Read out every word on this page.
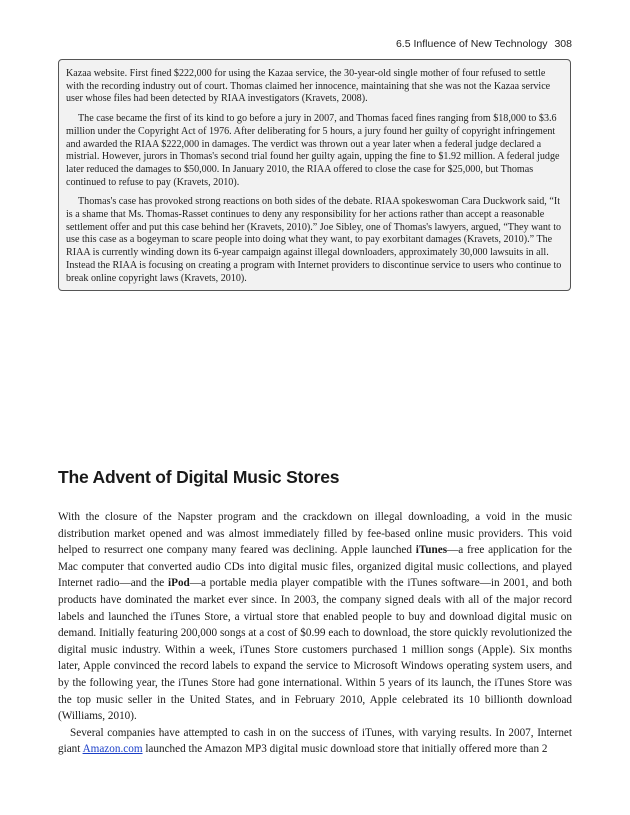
6.5 Influence of New Technology 308

Kazaa website. First fined $222,000 for using the Kazaa service, the 30-year-old single mother of four refused to settle with the recording industry out of court. Thomas claimed her innocence, maintaining that she was not the Kazaa service user whose files had been detected by RIAA investigators (Kravets, 2008).

The case became the first of its kind to go before a jury in 2007, and Thomas faced fines ranging from $18,000 to $3.6 million under the Copyright Act of 1976. After deliberating for 5 hours, a jury found her guilty of copyright infringement and awarded the RIAA $222,000 in damages. The verdict was thrown out a year later when a federal judge declared a mistrial. However, jurors in Thomas's second trial found her guilty again, upping the fine to $1.92 million. A federal judge later reduced the damages to $50,000. In January 2010, the RIAA offered to close the case for $25,000, but Thomas continued to refuse to pay (Kravets, 2010).

Thomas's case has provoked strong reactions on both sides of the debate. RIAA spokeswoman Cara Duckwork said, “It is a shame that Ms. Thomas-Rasset continues to deny any responsibility for her actions rather than accept a reasonable settlement offer and put this case behind her (Kravets, 2010).” Joe Sibley, one of Thomas's lawyers, argued, “They want to use this case as a bogeyman to scare people into doing what they want, to pay exorbitant damages (Kravets, 2010).” The RIAA is currently winding down its 6-year campaign against illegal downloaders, approximately 30,000 lawsuits in all. Instead the RIAA is focusing on creating a program with Internet providers to discontinue service to users who continue to break online copyright laws (Kravets, 2010).

The Advent of Digital Music Stores

With the closure of the Napster program and the crackdown on illegal downloading, a void in the music distribution market opened and was almost immediately filled by fee-based online music providers. This void helped to resurrect one company many feared was declining. Apple launched iTunes—a free application for the Mac computer that converted audio CDs into digital music files, organized digital music collections, and played Internet radio—and the iPod—a portable media player compatible with the iTunes software—in 2001, and both products have dominated the market ever since. In 2003, the company signed deals with all of the major record labels and launched the iTunes Store, a virtual store that enabled people to buy and download digital music on demand. Initially featuring 200,000 songs at a cost of $0.99 each to download, the store quickly revolutionized the digital music industry. Within a week, iTunes Store customers purchased 1 million songs (Apple). Six months later, Apple convinced the record labels to expand the service to Microsoft Windows operating system users, and by the following year, the iTunes Store had gone international. Within 5 years of its launch, the iTunes Store was the top music seller in the United States, and in February 2010, Apple celebrated its 10 billionth download (Williams, 2010).

Several companies have attempted to cash in on the success of iTunes, with varying results. In 2007, Internet giant Amazon.com launched the Amazon MP3 digital music download store that initially offered more than 2
